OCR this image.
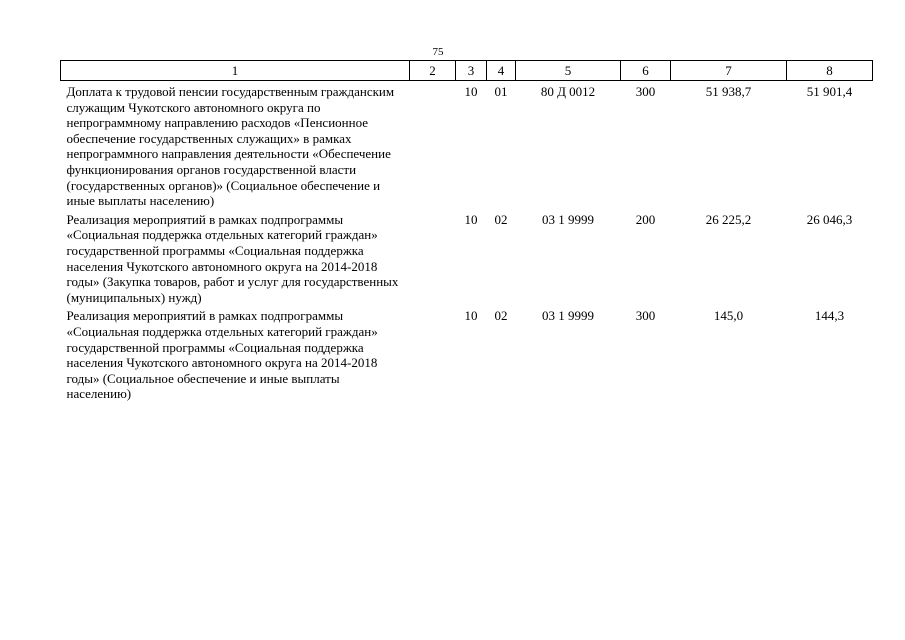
75
1	2	3	4	5	6	7	8
Доплата к трудовой пенсии государственным гражданским служащим Чукотского автономного округа по непрограммному направлению расходов «Пенсионное обеспечение государственных служащих» в рамках непрограммного направления деятельности «Обеспечение функционирования органов государственной власти (государственных органов)» (Социальное обеспечение и иные выплаты населению)		10	01	80 Д 0012	300	51 938,7	51 901,4
Реализация мероприятий в рамках подпрограммы «Социальная поддержка отдельных категорий граждан» государственной программы «Социальная поддержка населения Чукотского автономного округа на 2014-2018 годы» (Закупка товаров, работ и услуг для государственных (муниципальных) нужд)		10	02	03 1 9999	200	26 225,2	26 046,3
Реализация мероприятий в рамках подпрограммы «Социальная поддержка отдельных категорий граждан» государственной программы «Социальная поддержка населения Чукотского автономного округа на 2014-2018 годы» (Социальное обеспечение и иные выплаты населению)		10	02	03 1 9999	300	145,0	144,3
